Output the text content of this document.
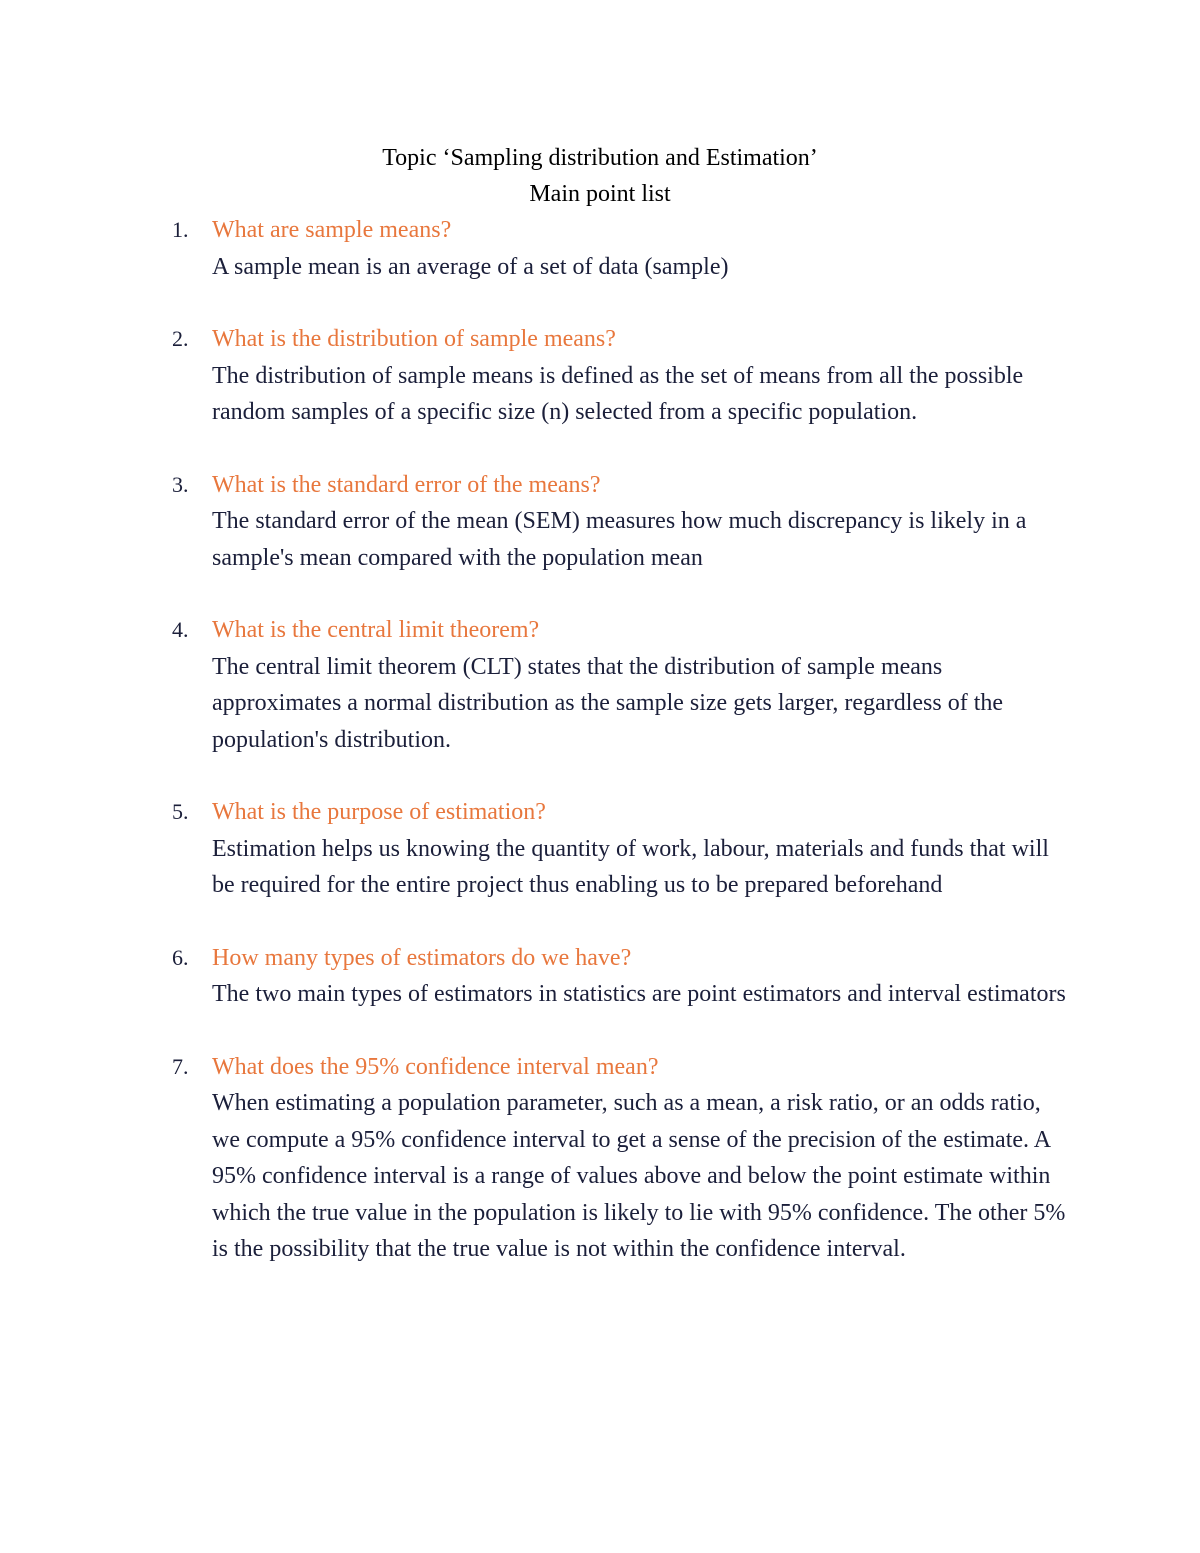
Topic ‘Sampling distribution and Estimation’
Main point list
1. What are sample means?
A sample mean is an average of a set of data (sample)
2. What is the distribution of sample means?
The distribution of sample means is defined as the set of means from all the possible random samples of a specific size (n) selected from a specific population.
3. What is the standard error of the means?
The standard error of the mean (SEM) measures how much discrepancy is likely in a sample's mean compared with the population mean
4. What is the central limit theorem?
The central limit theorem (CLT) states that the distribution of sample means approximates a normal distribution as the sample size gets larger, regardless of the population's distribution.
5. What is the purpose of estimation?
Estimation helps us knowing the quantity of work, labour, materials and funds that will be required for the entire project thus enabling us to be prepared beforehand
6. How many types of estimators do we have?
The two main types of estimators in statistics are point estimators and interval estimators
7. What does the 95% confidence interval mean?
When estimating a population parameter, such as a mean, a risk ratio, or an odds ratio, we compute a 95% confidence interval to get a sense of the precision of the estimate. A 95% confidence interval is a range of values above and below the point estimate within which the true value in the population is likely to lie with 95% confidence. The other 5% is the possibility that the true value is not within the confidence interval.
